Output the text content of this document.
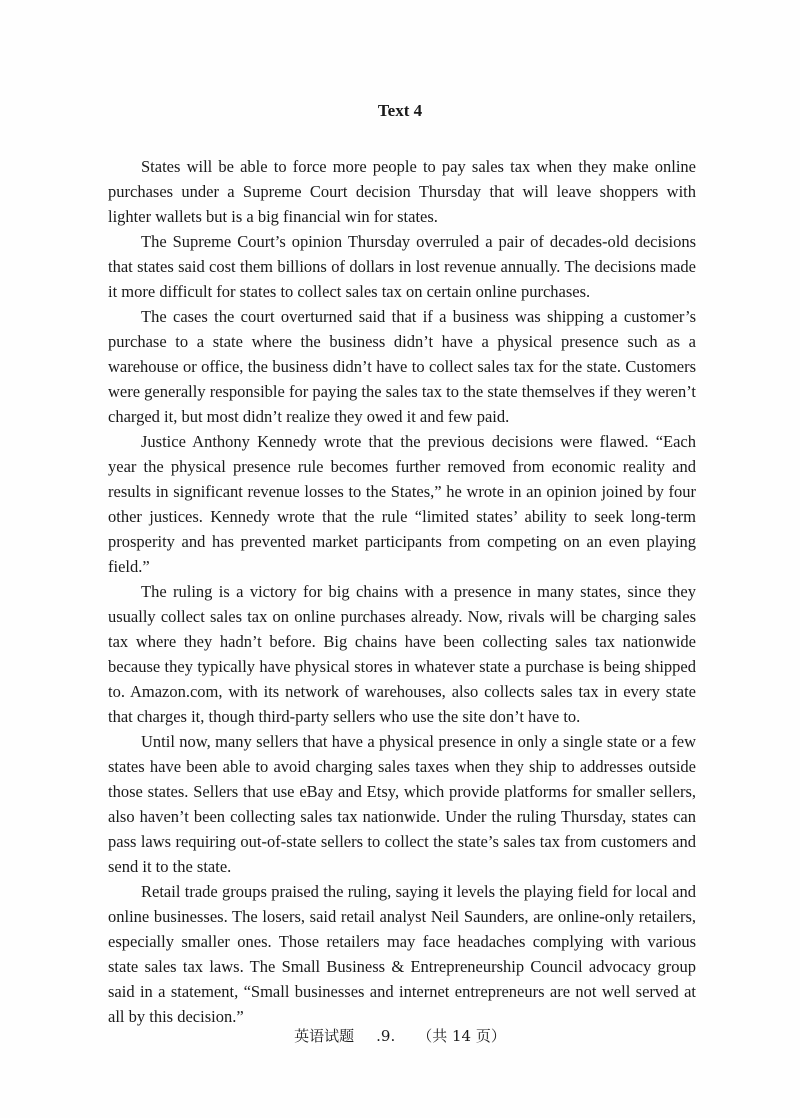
Text 4

States will be able to force more people to pay sales tax when they make online purchases under a Supreme Court decision Thursday that will leave shoppers with lighter wallets but is a big financial win for states.

The Supreme Court’s opinion Thursday overruled a pair of decades-old decisions that states said cost them billions of dollars in lost revenue annually. The decisions made it more difficult for states to collect sales tax on certain online purchases.

The cases the court overturned said that if a business was shipping a customer’s purchase to a state where the business didn’t have a physical presence such as a warehouse or office, the business didn’t have to collect sales tax for the state. Customers were generally responsible for paying the sales tax to the state themselves if they weren’t charged it, but most didn’t realize they owed it and few paid.

Justice Anthony Kennedy wrote that the previous decisions were flawed. “Each year the physical presence rule becomes further removed from economic reality and results in significant revenue losses to the States,” he wrote in an opinion joined by four other justices. Kennedy wrote that the rule “limited states’ ability to seek long-term prosperity and has prevented market participants from competing on an even playing field.”

The ruling is a victory for big chains with a presence in many states, since they usually collect sales tax on online purchases already. Now, rivals will be charging sales tax where they hadn’t before. Big chains have been collecting sales tax nationwide because they typically have physical stores in whatever state a purchase is being shipped to. Amazon.com, with its network of warehouses, also collects sales tax in every state that charges it, though third-party sellers who use the site don’t have to.

Until now, many sellers that have a physical presence in only a single state or a few states have been able to avoid charging sales taxes when they ship to addresses outside those states. Sellers that use eBay and Etsy, which provide platforms for smaller sellers, also haven’t been collecting sales tax nationwide. Under the ruling Thursday, states can pass laws requiring out-of-state sellers to collect the state’s sales tax from customers and send it to the state.

Retail trade groups praised the ruling, saying it levels the playing field for local and online businesses. The losers, said retail analyst Neil Saunders, are online-only retailers, especially smaller ones. Those retailers may face headaches complying with various state sales tax laws. The Small Business & Entrepreneurship Council advocacy group said in a statement, “Small businesses and internet entrepreneurs are not well served at all by this decision.”

英语试题 .9. （共 14 页）
